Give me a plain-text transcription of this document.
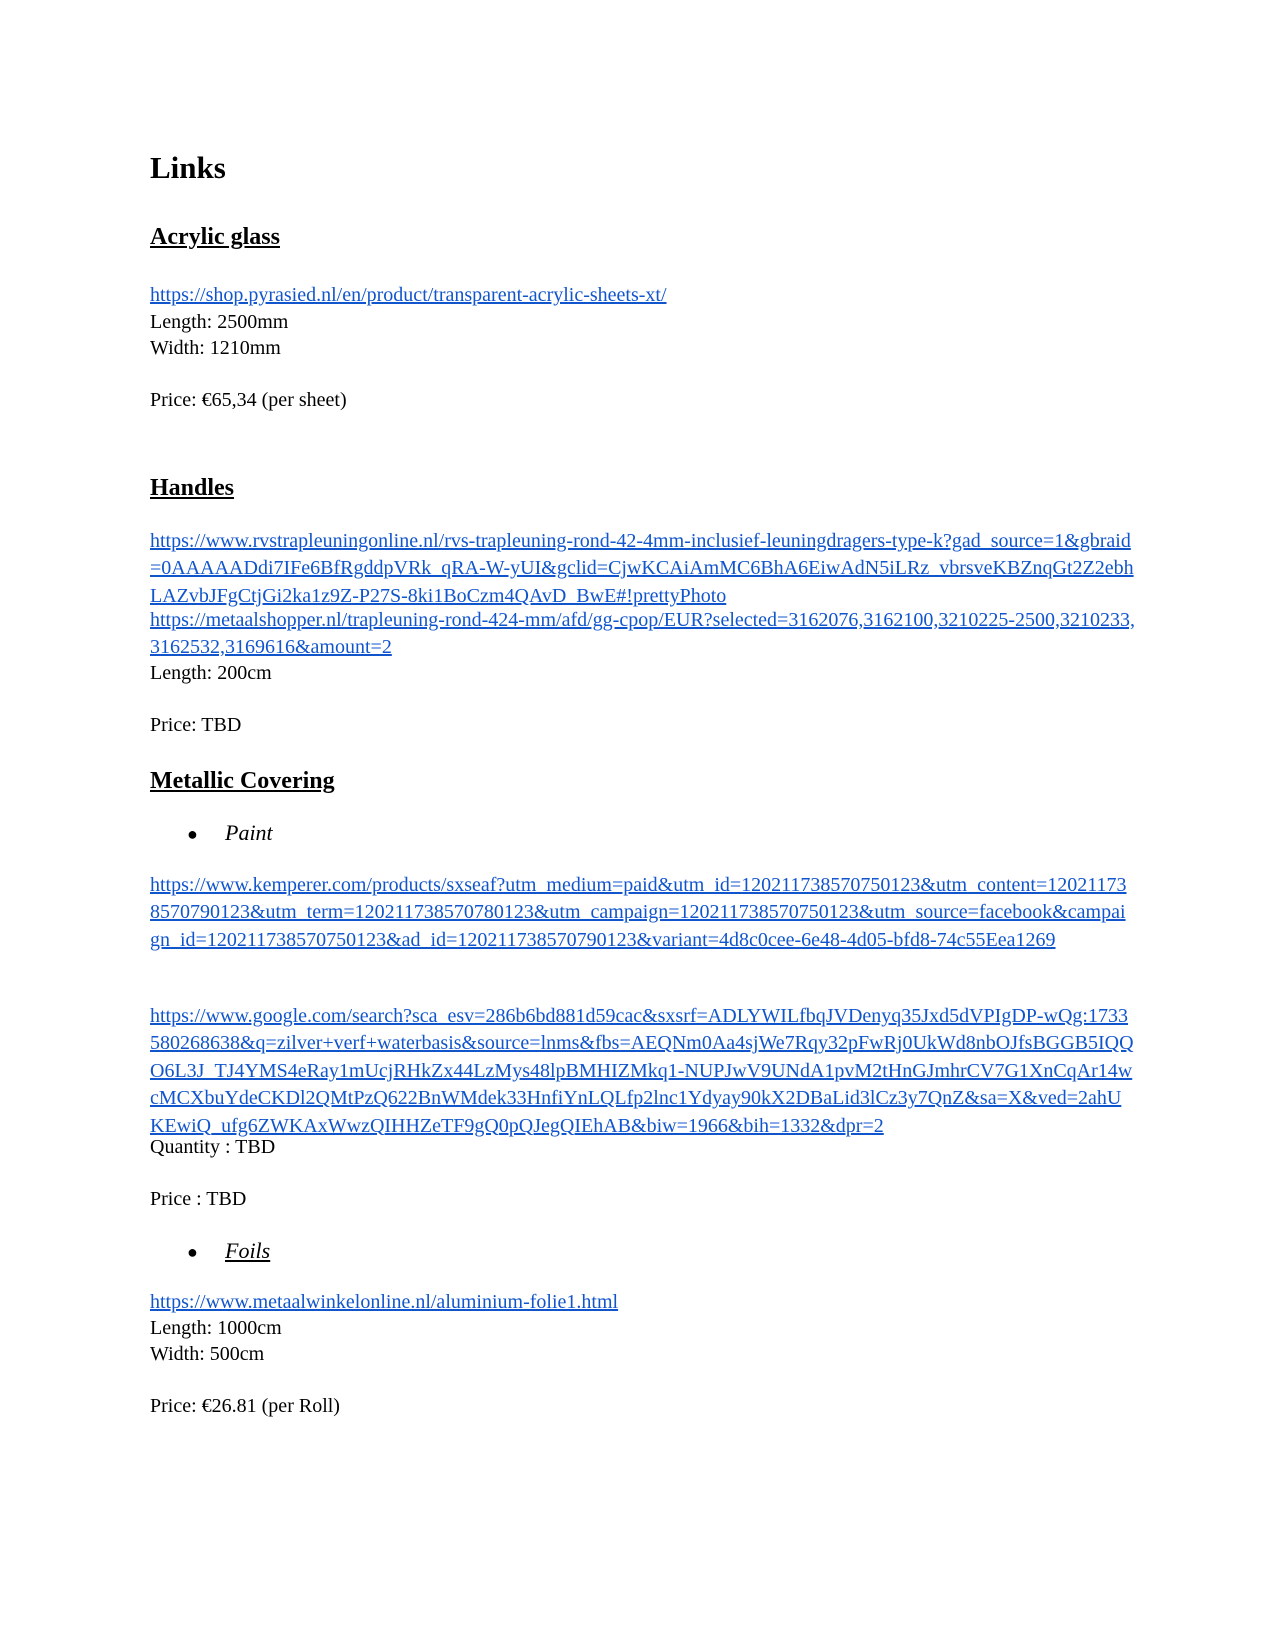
Links
Acrylic glass
https://shop.pyrasied.nl/en/product/transparent-acrylic-sheets-xt/

Length: 2500mm

Width: 1210mm

Price: €65,34 (per sheet)

Handles
https://www.rvstrapleuningonline.nl/rvs-trapleuning-rond-42-4mm-inclusief-leuningdragers-type-k?gad_source=1&gbraid=0AAAAADdi7IFe6BfRgddpVRk_qRA-W-yUI&gclid=CjwKCAiAmMC6BhA6EiwAdN5iLRz_vbrsveKBZnqGt2Z2ebhLAZvbJFgCtjGi2ka1z9Z-P27S-8ki1BoCzm4QAvD_BwE#!prettyPhoto
https://metaalshopper.nl/trapleuning-rond-424-mm/afd/gg-cpop/EUR?selected=3162076,3162100,3210225-2500,3210233,3162532,3169616&amount=2

Length: 200cm

Price: TBD

Metallic Covering
● Paint
https://www.kemperer.com/products/sxseaf?utm_medium=paid&utm_id=120211738570750123&utm_content=120211738570790123&utm_term=120211738570780123&utm_campaign=120211738570750123&utm_source=facebook&campaign_id=120211738570750123&ad_id=120211738570790123&variant=4d8c0cee-6e48-4d05-bfd8-74c55Eea1269
https://www.google.com/search?sca_esv=286b6bd881d59cac&sxsrf=ADLYWILfbqJVDenyq35Jxd5dVPIgDP-wQg:1733580268638&q=zilver+verf+waterbasis&source=lnms&fbs=AEQNm0Aa4sjWe7Rqy32pFwRj0UkWd8nbOJfsBGGB5IQQO6L3J_TJ4YMS4eRay1mUcjRHkZx44LzMys48lpBMHIZMkq1-NUPJwV9UNdA1pvM2tHnGJmhrCV7G1XnCqAr14wcMCXbuYdeCKDl2QMtPzQ622BnWMdek33HnfiYnLQLfp2lnc1Ydyay90kX2DBaLid3lCz3y7QnZ&sa=X&ved=2ahUKEwiQ_ufg6ZWKAxWwzQIHHZeTF9gQ0pQJegQIEhAB&biw=1966&bih=1332&dpr=2

Quantity : TBD

Price : TBD

● Foils
https://www.metaalwinkelonline.nl/aluminium-folie1.html

Length: 1000cm

Width: 500cm

Price: €26.81 (per Roll)
